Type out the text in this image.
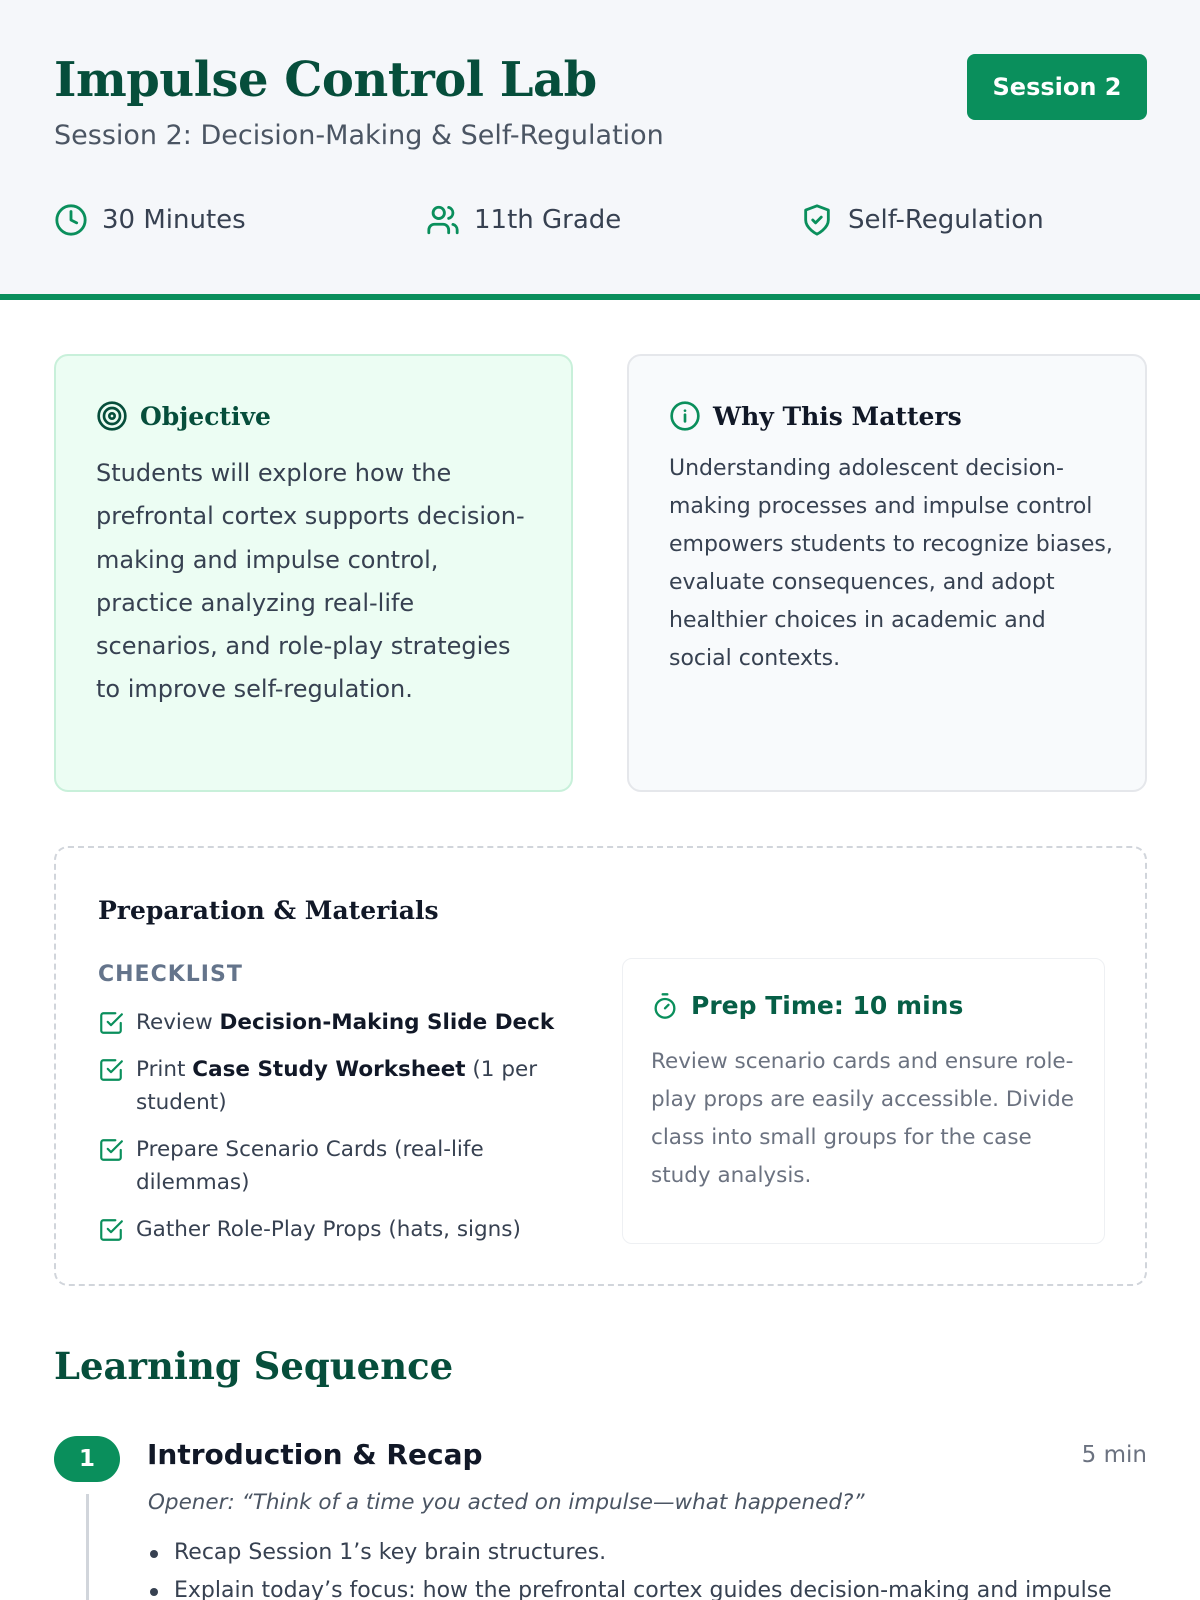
Impulse Control Lab
Session 2: Decision-Making & Self-Regulation
Session 2
30 Minutes	11th Grade	Self-Regulation
Objective
Students will explore how the prefrontal cortex supports decision-making and impulse control, practice analyzing real-life scenarios, and role-play strategies to improve self-regulation.
Why This Matters
Understanding adolescent decision-making processes and impulse control empowers students to recognize biases, evaluate consequences, and adopt healthier choices in academic and social contexts.
Preparation & Materials
CHECKLIST
Review Decision-Making Slide Deck
Print Case Study Worksheet (1 per student)
Prepare Scenario Cards (real-life dilemmas)
Gather Role-Play Props (hats, signs)
Prep Time: 10 mins
Review scenario cards and ensure role-play props are easily accessible. Divide class into small groups for the case study analysis.
Learning Sequence
1	Introduction & Recap	5 min
Opener: “Think of a time you acted on impulse—what happened?”
Recap Session 1’s key brain structures.
Explain today’s focus: how the prefrontal cortex guides decision-making and impulse
